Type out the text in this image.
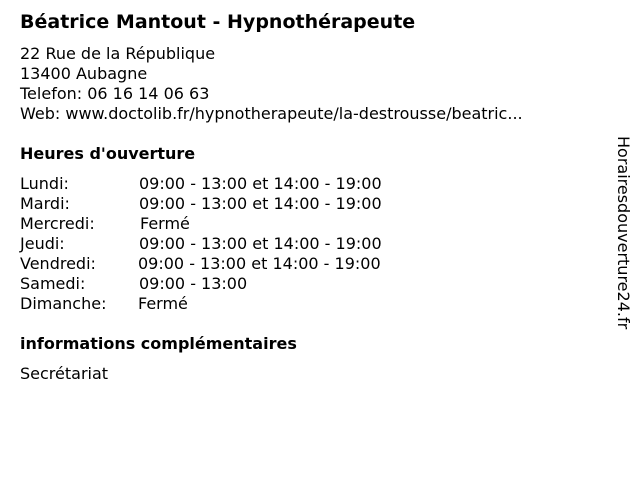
Béatrice Mantout - Hypnothérapeute
22 Rue de la République
13400 Aubagne
Telefon: 06 16 14 06 63
Web: www.doctolib.fr/hypnotherapeute/la-destrousse/beatric...
Heures d'ouverture
Lundi:	09:00 - 13:00 et 14:00 - 19:00
Mardi:	09:00 - 13:00 et 14:00 - 19:00
Mercredi:	Fermé
Jeudi:	09:00 - 13:00 et 14:00 - 19:00
Vendredi:	09:00 - 13:00 et 14:00 - 19:00
Samedi:	09:00 - 13:00
Dimanche: Fermé
informations complémentaires
Secrétariat
Horairesdouverture24.fr
